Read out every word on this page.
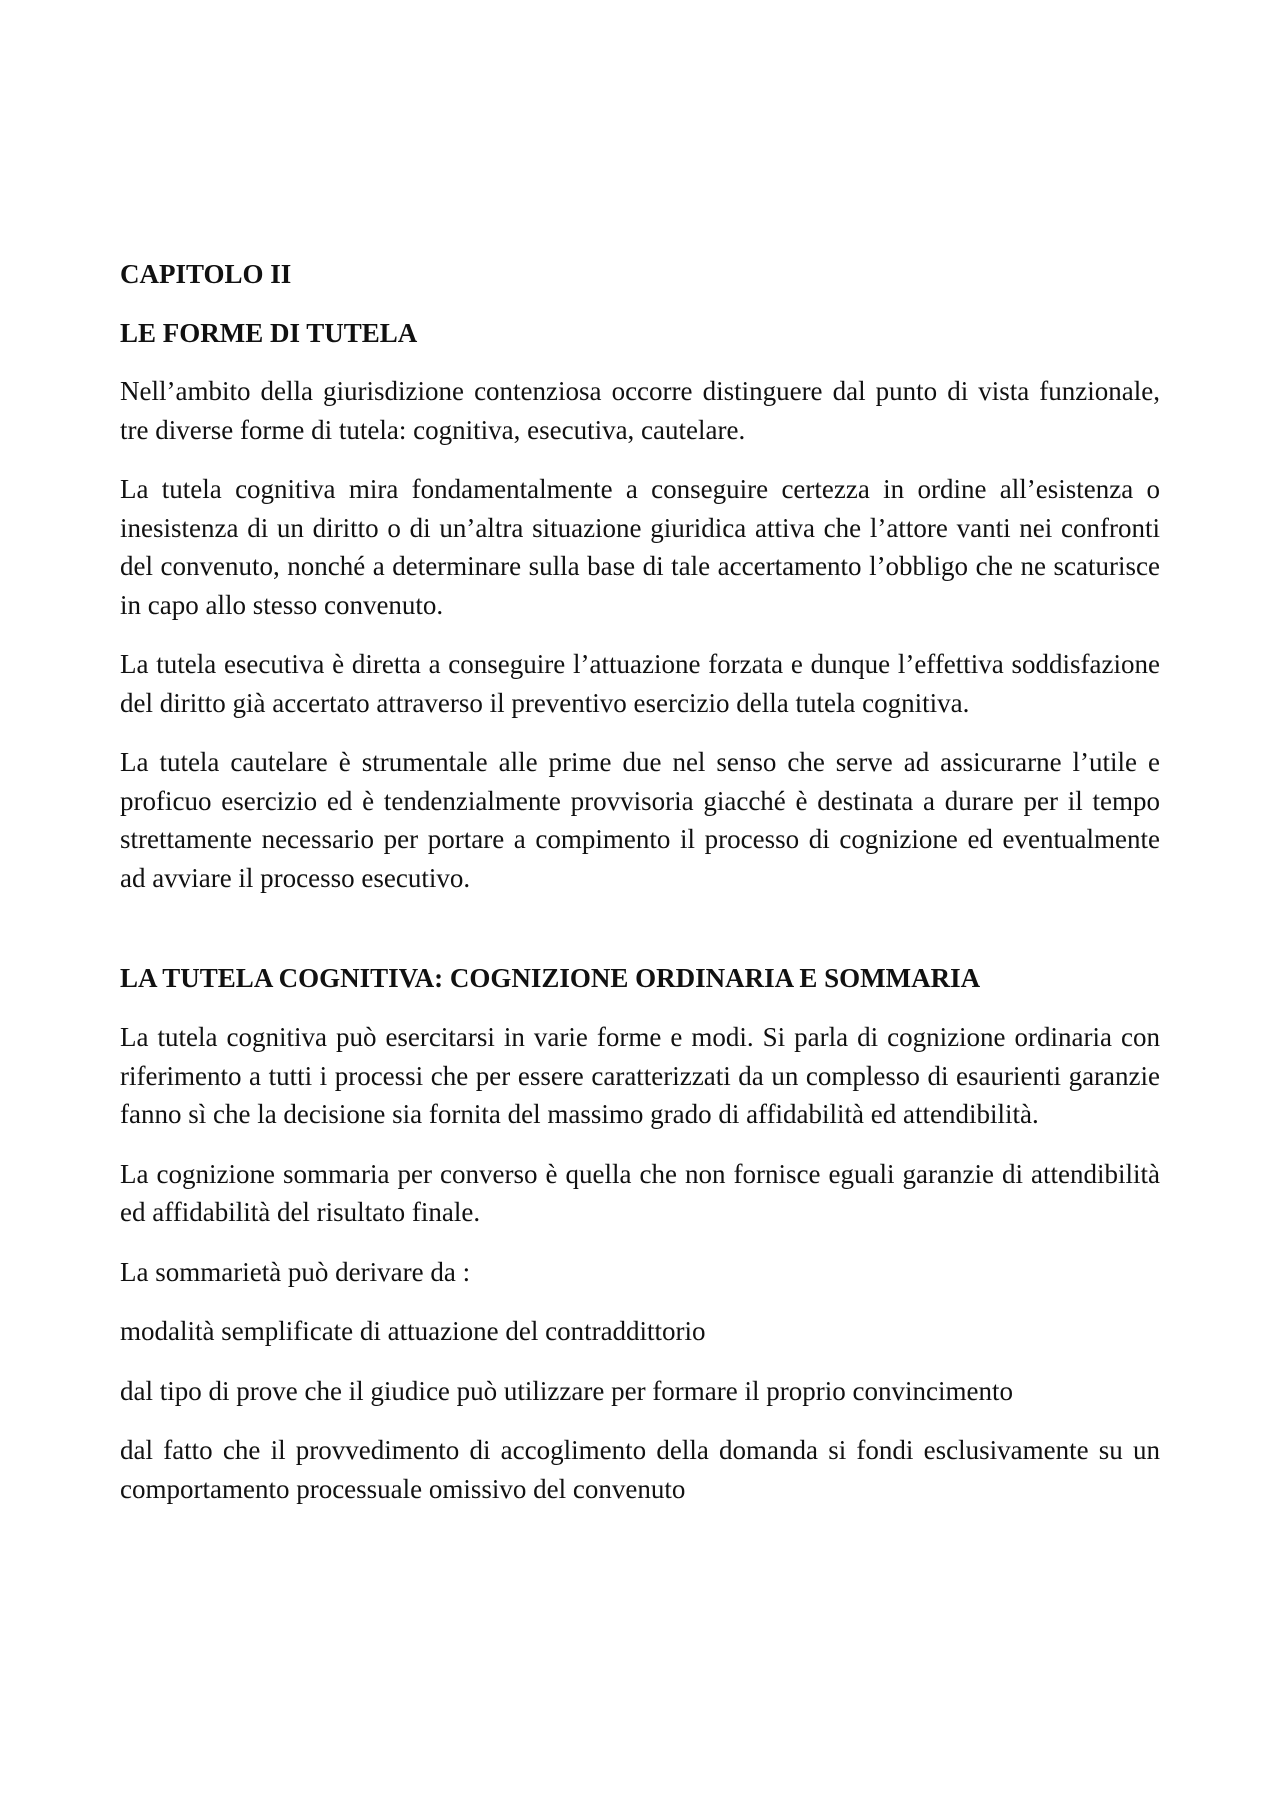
CAPITOLO II
LE FORME DI TUTELA

Nell’ambito della giurisdizione contenziosa occorre distinguere dal punto di vista funzionale, tre diverse forme di tutela: cognitiva, esecutiva, cautelare.

La tutela cognitiva mira fondamentalmente a conseguire certezza in ordine all’esistenza o inesistenza di un diritto o di un’altra situazione giuridica attiva che l’attore vanti nei confronti del convenuto, nonché a determinare sulla base di tale accertamento l’obbligo che ne scaturisce in capo allo stesso convenuto.

La tutela esecutiva è diretta a conseguire l’attuazione forzata e dunque l’effettiva soddisfazione del diritto già accertato attraverso il preventivo esercizio della tutela cognitiva.

La tutela cautelare è strumentale alle prime due nel senso che serve ad assicurarne l’utile e proficuo esercizio ed è tendenzialmente provvisoria giacché è destinata a durare per il tempo strettamente necessario per portare a compimento il processo di cognizione ed eventualmente ad avviare il processo esecutivo.

LA TUTELA COGNITIVA: COGNIZIONE ORDINARIA E SOMMARIA

La tutela cognitiva può esercitarsi in varie forme e modi. Si parla di cognizione ordinaria con riferimento a tutti i processi che per essere caratterizzati da un complesso di esaurienti garanzie fanno sì che la decisione sia fornita del massimo grado di affidabilità ed attendibilità.

La cognizione sommaria per converso è quella che non fornisce eguali garanzie di attendibilità ed affidabilità del risultato finale.

La sommarietà può derivare da :

modalità semplificate di attuazione del contraddittorio

dal tipo di prove che il giudice può utilizzare per formare il proprio convincimento

dal fatto che il provvedimento di accoglimento della domanda si fondi esclusivamente su un comportamento processuale omissivo del convenuto
